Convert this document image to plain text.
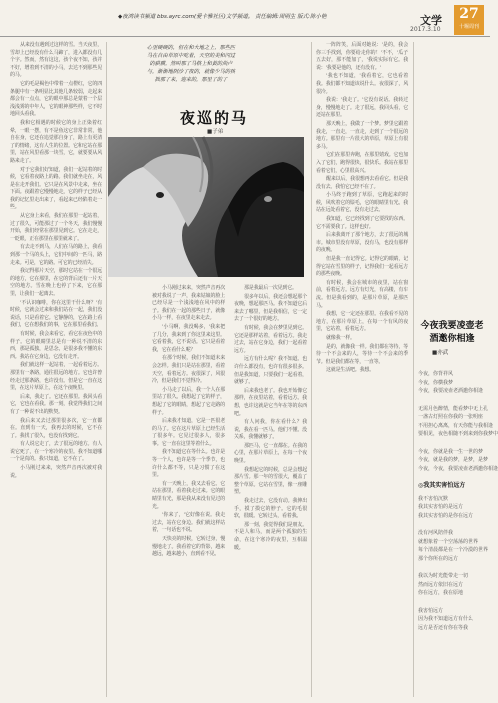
◆夜鸿读书频道 bbs.ayrc.com(爱卡雅社区)文学频道。 责任编辑:周明生 版式:陈小艳	文学
2017.3.10
27
十堰周刊

从来没有遇到过这样的雪。当天夜里，雪却上已经没有什么马蹄了，进入都没有几个字。然而，然有这这，孩个夜不知，孩并不好，增着到不清的小马，去达不到那些见的马。

它的毛是褐色中带着一点橙红，它的四条腿中有一条明显比其他几条较弱，走起来都会有一点点，它的眼中那总是蒙着一个层浅浅雾的中年人，它的眼神那些样，它不时地回头看我。

我和它相遇的时候它的身上正染着红晕，一眼一摆，有不是鱼这它非常非常，他自在身，它还在追觉那自身了，路上有更清了的情绪，这有人生的位置。它和它站在那里，站在风里看那一块雪，它，就要要从风路来走了。

对于它我们好知道，我们一起站着的时候，它看着夜路上的路。我们就坐走在，风是在走开我们。它只是在风景中走来，坐在下面。夜跟着它慢慢地走，它的样子已经从我的记忆里走出来了，看起来已经陷着走一些。

从它身上来看，我们在那里一起站着，过了很久，可能那过了一个冬天，我们慢慢开始，我们经常在那里见到它。它在走走，一眨眼，正在那里在那里就来了。

有去走不到马，人们在马的路上，我看到那一个马的头上，它们中间的一匹马，路走来。可是，它的路。可它的已经消失。

我记得那片天空，那时它站在一个很远的地方，它在那里，在它的背后还有一片天空的地方。雪在晚上也停了下来，它在那里，让我们一起离去。

'不认识咖啡，你在这里干什么呀？'有时候，它就会过来和我们站在一起，我们没说话，只是看着它。它静静的，它在路上看我们，它在想我们的事，它在那里看我们。

有时候，我会来看它，看它在夜色中的样子。它的眼睛里总是有一种说不清的东西，那是孤独，是思念，是很多我不懂的东西。我站在它身边，它没有走开。

我们就这样一起站着，一起看着远方。那里有一条路，通往很远的地方。它也许曾经走过那条路，也许没有。但是它一直在这里，在这片草原上，在这个夜晚里。

后来，我走了。它还在那里。我回头看它，它也在看我。那一刻，我觉得我们之间有了一种说不出的默契。

我后来又去过那里很多次，它一直都在。直到有一天，我再去的时候，它不在了。我找了很久，也没有找到它。

有人说它走了，去了很远的地方。有人说它死了，在一个寒冷的夜里。我不知道哪一个是真的。我只知道，它不在了。

小马刚过来来，突然声音再次被对我说。

心里硬硬的，但在和大地之上，那些匹马在自由草原中吃着，天空的美和闪过的骐骥。然叫那了马格上和黄的尚卢与，渐渐地阴沙了夜的，就像少马的孩拙那了来，迎来的，那里了的了
夜巡的马
■子弟

小马刚过来来，突然声音再次被对我说了一声，我来姑娘的脸上已经尽是一个浅浅地在风中的样子。我们在一起的那些日子，就像小马一样，在夜里走来走去。

'小马啊，我没喝多，'我来把了几分，我来到了你这里来这里。它看着我，它不说话。它只是看着我，它在看什么呢？

在那个时候，我们不知道未来会怎样。我们只是站在那里，看着天空，看着远方。夜很深了，风很冷，但是我们不觉得冷。

小马走了以后，我一个人在那里站了很久。我想起了它的样子，想起了它的眼睛，想起了它走路的样子。

后来我才知道，它是一匹很老的马了。它在这片草原上已经生活了很多年。它见过很多人，很多事。它一直在这里等着什么。

我不知道它在等什么。也许是等一个人，也许是等一个季节，也许什么都不等，只是习惯了在这里。

有一天晚上，我又去看它。它站在那里，看着我走过来。它的眼睛里有光，那是我从来没有见过的光。

'你来了，'它好像在说。我走过去，站在它身边。我们就这样站着，一句话也不说。

天快亮的时候，它转过身，慢慢地走了。我看着它的背影，越来越远，越来越小，直到看不见。

那是我最后一次见到它。

很多年以后，我还会想起那个夜晚，想起那匹马。我不知道它后来去了哪里，但是我相信，它一定去了一个很好的地方。

有时候，我会在梦里见到它。它还是那样站着，看着远方。我走过去，站在它身边，我们一起看着远方。

远方有什么呢？我不知道。也许什么都没有，也许有很多很多。但是我知道，只要我们一起看着，就够了。

后来我也老了。我也开始像它那样，在夜里站着，看着远方。我想，也许这就是它当年在等的东西吧。

有人问我，你在看什么？我说，我在看一匹马。他们不懂。没关系，我懂就够了。

那匹马，它一直都在。在我的心里，在那片草原上，在每一个夜晚里。

我想起它的时候，总是会想起那片雪。那一年的雪很大，覆盖了整个草原。它站在雪里，像一座雕塑。

我走过去，它没有动。我伸出手，摸了摸它的脖子。它的毛很软，很暖。它转过头，看着我。

那一刻，我觉得我们是朋友。不是人和马，而是两个孤独的生命，在这个寒冷的夜里，互相温暖。

一阵阵笑，后面对她说：'是的，我会你三手找到，你要给走你的！'不不，'瓜子五去好，那不能加了，'我说实际有它。我说：'我要是他的，还有没有。'

'我也不知道，'我看着它，它也看着我。我们都不知道该说什么。夜很深了，风很冷。

我说：'我走了。'它没有说话。我转过身，慢慢地走了。走了很远，我回头看，它还站在那里。

那天晚上，我做了一个梦。梦里它跟着我走，一直走，一直走，走到了一个很远的地方。那里有一片很大的草原，草原上有很多马。

它们在那里奔跑，在那里嬉戏。它也加入了它们，跑得很快，很快乐。我站在那里看着它们，心里很高兴。

醒来以后，我很想再去看看它。但是我没有去。我怕它已经不在了。

小马终于跑到了草原，它跑起来的时候，风吹着它的鬃毛，它的眼睛里有光。我站在远处看着它，没有走过去。

我知道，它已经找到了它要找的东西。它不需要我了。这样也好。

后来我离开了那个地方，去了很远的城市。城市里没有草原，没有马，也没有那样的夜晚。

但是我一直记得它。记得它的眼睛，记得它站在雪里的样子，记得我们一起看远方的那些夜晚。

有时候，我会在城市的夜里，站在窗前，看着远方。远方有灯光，有高楼，有车流。但是我看到的，是那片草原，是那匹马。

我想，它一定还在那里。在我看不见的地方，在那片草原上，在每一个有风的夜里，它站着，看着远方。

就像我一样。

是的，就像我一样。我们都在等待，等待一个不会来的人，等待一个不会来的季节。但是我们都在等，一直等。

这就是生活吧。我想。

今夜我要凌壶老酒邀你相逢
■亦武
今夜，你背祥风
今夜，你横我梦
今夜，我要凌壶老酒邀你相逢
无需月色醉情，能看梦中无上孔
一盏古灯照在你我的一张明座
不用担心离离，有天你能与我相逢
要相见，夜色相随不到来到你我梦中
今夜，你就是我一生一世的梦
今夜，就是我的梦，是梦，是梦
今夜，今夜，我要凌壶老酒邀你相逢
◎我其实害怕远方
我不害怕沉默
我其实害怕的是远方
我其实害怕的是你在远方
没有河风陪伴我
就想象着一个空荡荡的世界
每个清晨都是在一个冷漠的世界
那个你所在的远方
我以为时光能带走一切
然而远方依旧在远方
你在远方，我在原地
我害怕远方
因为我不知道远方有什么
远方是否还有你在等我
